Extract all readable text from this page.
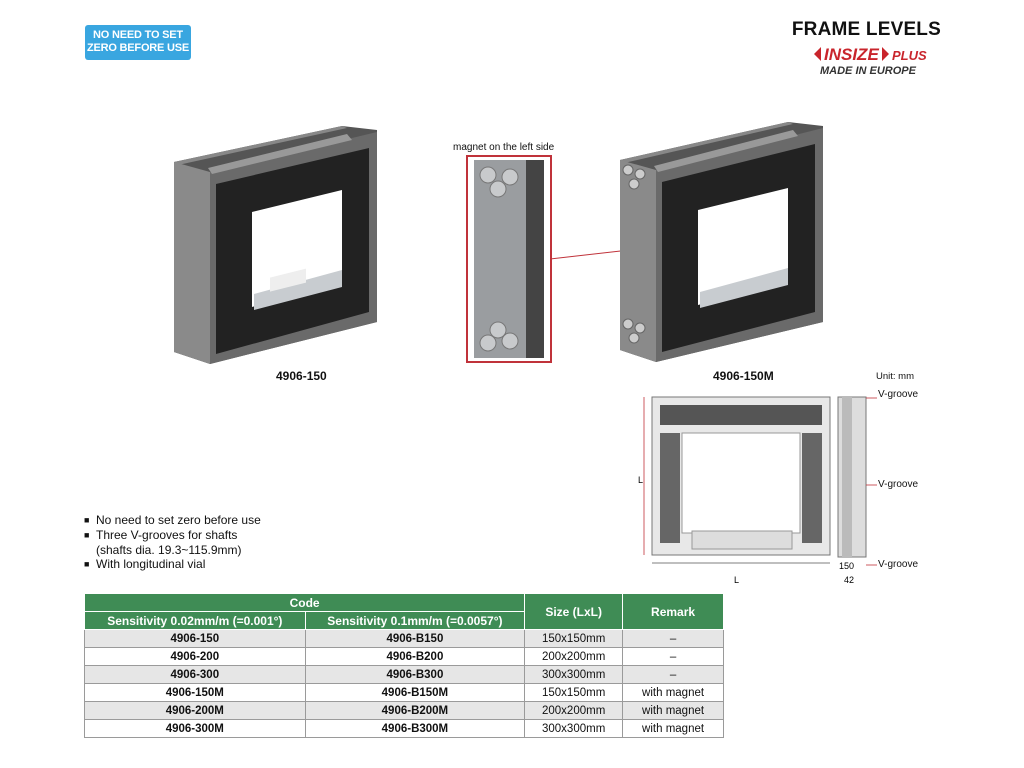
NO NEED TO SET
ZERO BEFORE USE
FRAME LEVELS
INSIZE PLUS
MADE IN EUROPE
4906-150
magnet on the left side
4906-150M	Unit: mm
L
L
150
42
V-groove
V-groove
V-groove
■ No need to set zero before use
■ Three V-grooves for shafts
(shafts dia. 19.3~115.9mm)
■ With longitudinal vial
Code		Size (LxL)	Remark
Sensitivity 0.02mm/m (=0.001°)	Sensitivity 0.1mm/m (=0.0057°)		
4906-150	4906-B150	150x150mm	–
4906-200	4906-B200	200x200mm	–
4906-300	4906-B300	300x300mm	–
4906-150M	4906-B150M	150x150mm	with magnet
4906-200M	4906-B200M	200x200mm	with magnet
4906-300M	4906-B300M	300x300mm	with magnet
